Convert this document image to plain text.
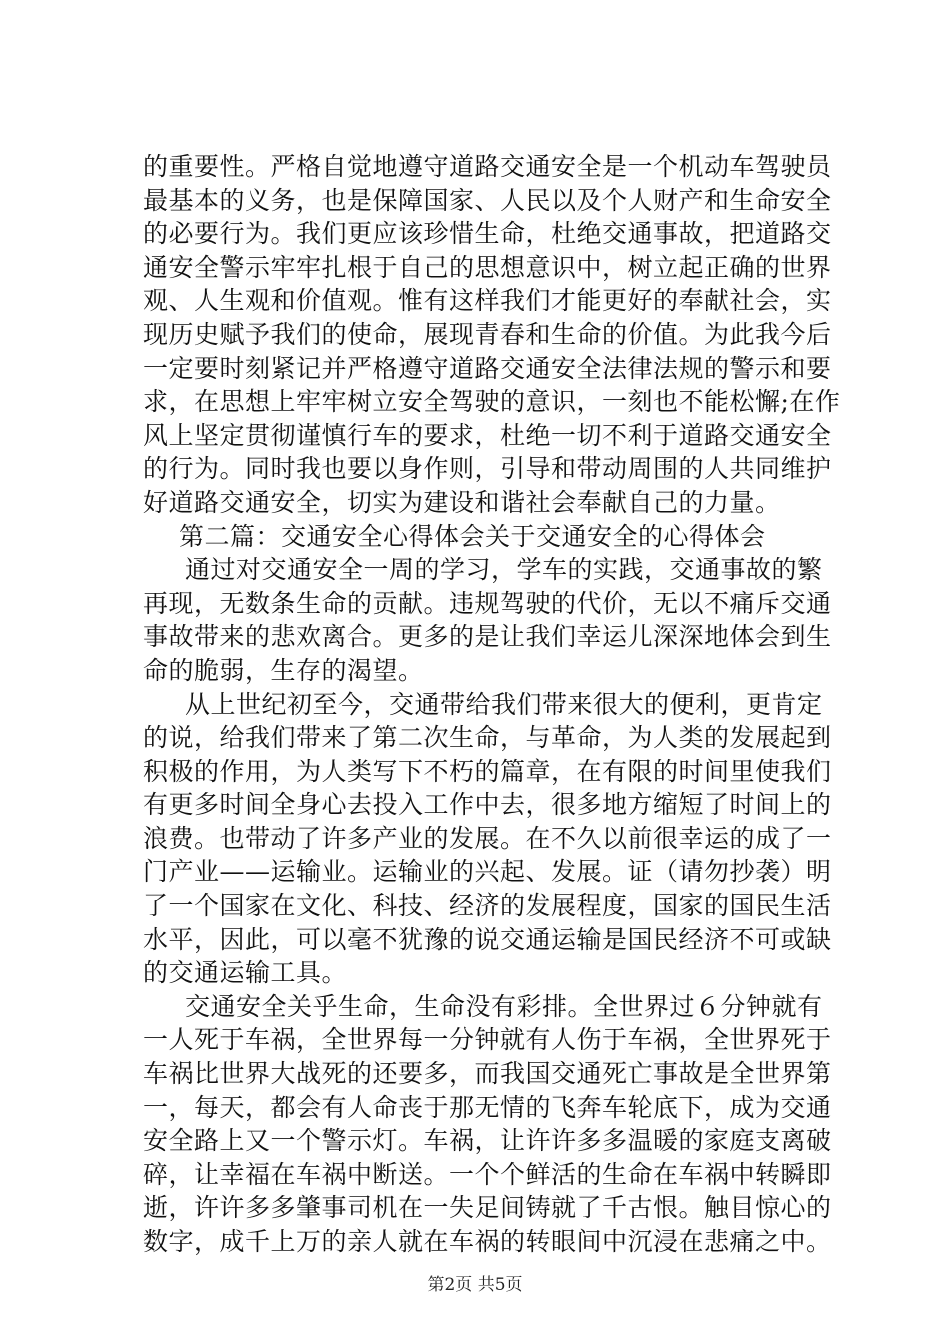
的重要性。严格自觉地遵守道路交通安全是一个机动车驾驶员
最基本的义务，也是保障国家、人民以及个人财产和生命安全
的必要行为。我们更应该珍惜生命，杜绝交通事故，把道路交
通安全警示牢牢扎根于自己的思想意识中，树立起正确的世界
观、人生观和价值观。惟有这样我们才能更好的奉献社会，实
现历史赋予我们的使命，展现青春和生命的价值。为此我今后
一定要时刻紧记并严格遵守道路交通安全法律法规的警示和要
求，在思想上牢牢树立安全驾驶的意识，一刻也不能松懈;在作
风上坚定贯彻谨慎行车的要求，杜绝一切不利于道路交通安全
的行为。同时我也要以身作则，引导和带动周围的人共同维护
好道路交通安全，切实为建设和谐社会奉献自己的力量。
第二篇：交通安全心得体会关于交通安全的心得体会
通过对交通安全一周的学习，学车的实践，交通事故的繁
再现，无数条生命的贡献。违规驾驶的代价，无以不痛斥交通
事故带来的悲欢离合。更多的是让我们幸运儿深深地体会到生
命的脆弱，生存的渴望。
从上世纪初至今，交通带给我们带来很大的便利，更肯定
的说，给我们带来了第二次生命，与革命，为人类的发展起到
积极的作用，为人类写下不朽的篇章，在有限的时间里使我们
有更多时间全身心去投入工作中去，很多地方缩短了时间上的
浪费。也带动了许多产业的发展。在不久以前很幸运的成了一
门产业——运输业。运输业的兴起、发展。证（请勿抄袭）明
了一个国家在文化、科技、经济的发展程度，国家的国民生活
水平，因此，可以毫不犹豫的说交通运输是国民经济不可或缺
的交通运输工具。
交通安全关乎生命，生命没有彩排。全世界过６分钟就有
一人死于车祸，全世界每一分钟就有人伤于车祸，全世界死于
车祸比世界大战死的还要多，而我国交通死亡事故是全世界第
一，每天，都会有人命丧于那无情的飞奔车轮底下，成为交通
安全路上又一个警示灯。车祸，让许许多多温暖的家庭支离破
碎，让幸福在车祸中断送。一个个鲜活的生命在车祸中转瞬即
逝，许许多多肇事司机在一失足间铸就了千古恨。触目惊心的
数字，成千上万的亲人就在车祸的转眼间中沉浸在悲痛之中。
第2页 共5页
